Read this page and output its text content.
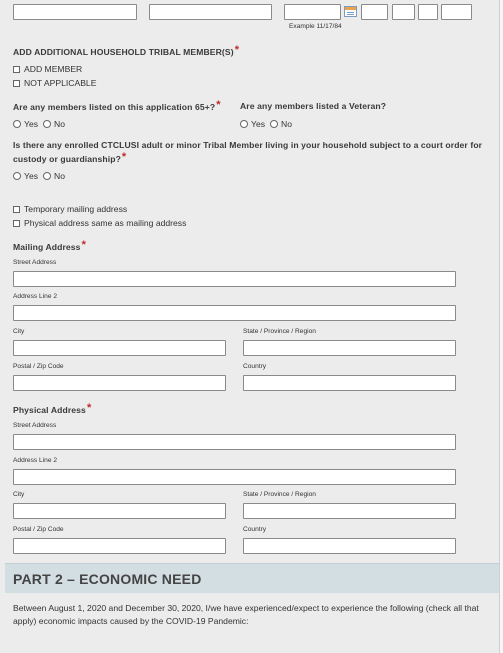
Example 11/17/84
ADD ADDITIONAL HOUSEHOLD TRIBAL MEMBER(S) *
ADD MEMBER
NOT APPLICABLE
Are any members listed on this application 65+? *
Yes No
Are any members listed a Veteran?
Yes No
Is there any enrolled CTCLUSI adult or minor Tribal Member living in your household subject to a court order for
custody or guardianship? *
Yes No
Temporary mailing address
Physical address same as mailing address
Mailing Address *
Street Address
Address Line 2
City	State / Province / Region
Postal / Zip Code	Country
Physical Address *
Street Address
Address Line 2
City	State / Province / Region
Postal / Zip Code	Country
PART 2 – ECONOMIC NEED
Between August 1, 2020 and December 30, 2020, I/we have experienced/expect to experience the following (check all that
apply) economic impacts caused by the COVID-19 Pandemic:
